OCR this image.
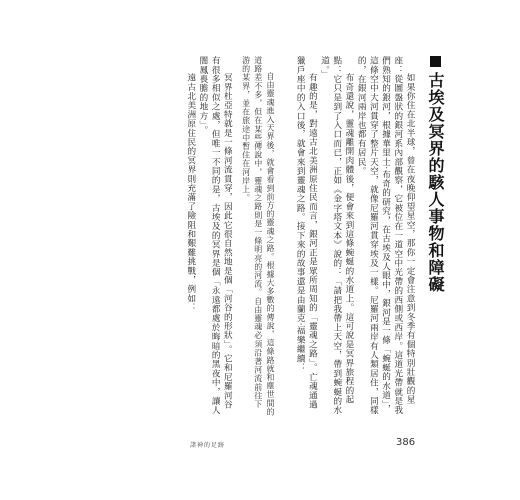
古埃及冥界的駭人事物和障礙

如果你住在北半球，曾在夜晚仰望星空，那你一定會注意到冬季有個特別壯觀的星座：從圖盤狀的銀河系內部觀察，它被位在一道空中光帶的西側或西岸。這道光帶就是我們熟知的銀河，根據華里士‧布奇的研究，在古埃及人眼中，銀河是一條「蜿蜒的水道」，這條空中大河貫穿了整片天空，就像尼羅河貫穿埃及一樣。尼羅河兩岸有人類居住，同樣的，在銀河兩岸也都有居民。

布奇還說，靈魂離開肉體後，便會來到這條蜿蜒的水道上。這可說是冥界旅程的起點：它只是到了入口而已，正如《金字塔文本》說的：「請把我帶上天空，帶到蜿蜒的水道。」

有趣的是，對遠古北美洲原住民而言，銀河正是眾所周知的「靈魂之路」。亡魂通過獵戶座中的入口後，就會來到靈魂之路。接下來的故事還是由蘭克‧福樂繼續：

自由靈魂進入天界後，就會看到前方的靈魂之路。根據大多數的傳說，這條路就和塵世間的道路差不多，但在某些傳說中，靈魂之路則是一條明亮的河流。自由靈魂必須沿著河流前往下游的某界，並在旅途中暫住在河岸上。

冥界杜亞特就是一條河流貫穿，因此它很自然地是個「河谷的形狀」。它和尼羅河谷有很多相似之處，但唯一不同的是，古埃及的冥界是個「永遠都處於晦暗的黑夜中，讓人闇鳳喪膽的地方」。

遠古北美洲原住民的冥界則充滿了險阻和艱難挑戰，例如：

諸神的足跡	386
